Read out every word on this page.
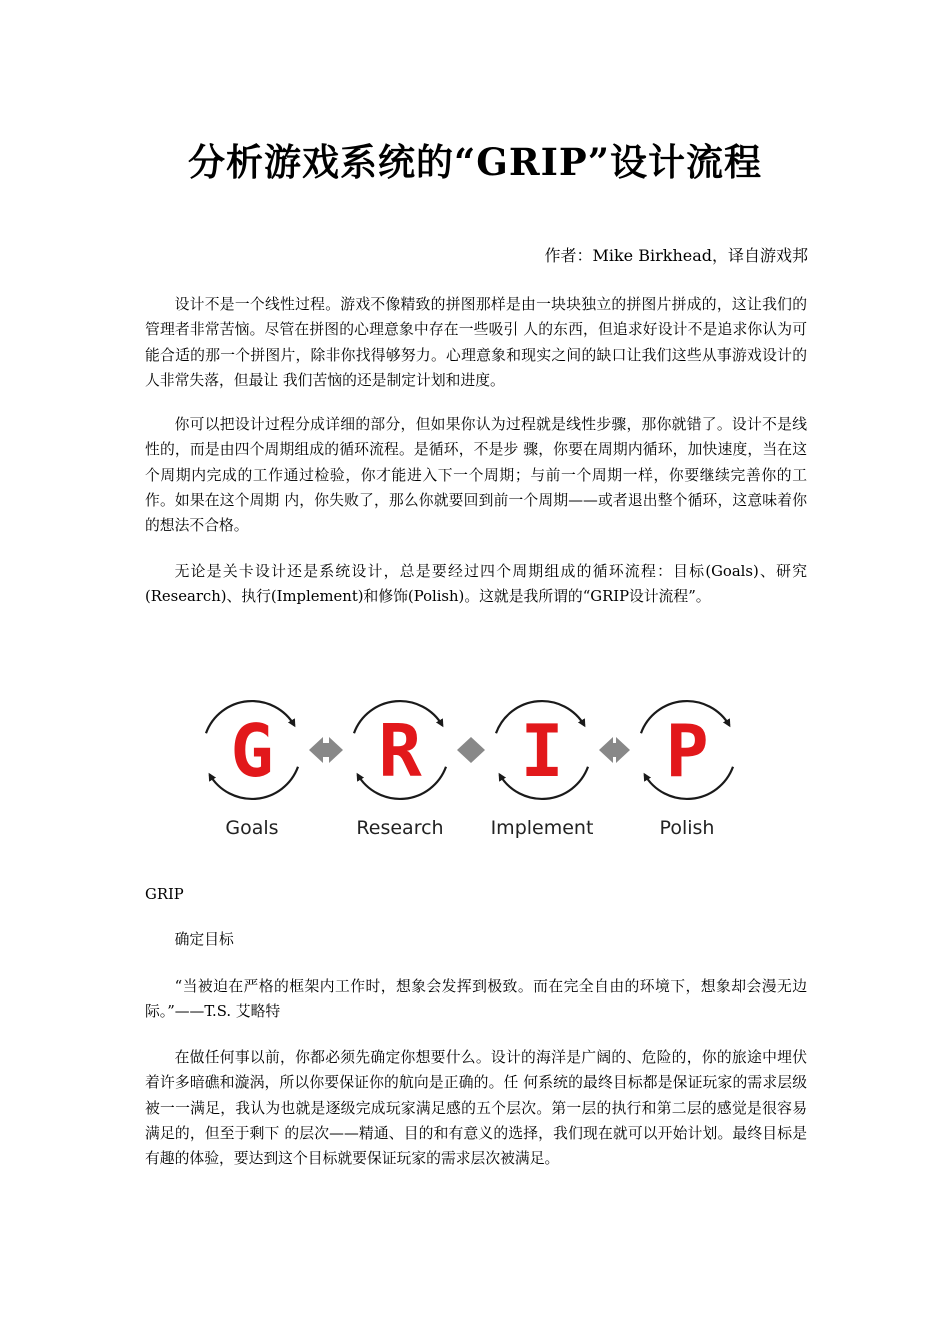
分析游戏系统的“GRIP”设计流程
作者：Mike Birkhead，译自游戏邦

设计不是一个线性过程。游戏不像精致的拼图那样是由一块块独立的拼图片拼成的，这让我们的管理者非常苦恼。尽管在拼图的心理意象中存在一些吸引 人的东西，但追求好设计不是追求你认为可能合适的那一个拼图片，除非你找得够努力。心理意象和现实之间的缺口让我们这些从事游戏设计的人非常失落，但最让 我们苦恼的还是制定计划和进度。

你可以把设计过程分成详细的部分，但如果你认为过程就是线性步骤，那你就错了。设计不是线性的，而是由四个周期组成的循环流程。是循环，不是步 骤，你要在周期内循环，加快速度，当在这个周期内完成的工作通过检验，你才能进入下一个周期；与前一个周期一样，你要继续完善你的工作。如果在这个周期 内，你失败了，那么你就要回到前一个周期——或者退出整个循环，这意味着你的想法不合格。

无论是关卡设计还是系统设计，总是要经过四个周期组成的循环流程：目标(Goals)、研究(Research)、执行(Implement)和修饰(Polish)。这就是我所谓的“GRIP设计流程”。

G
Goals
R
Research
I
Implement
P
Polish
GRIP

确定目标

“当被迫在严格的框架内工作时，想象会发挥到极致。而在完全自由的环境下，想象却会漫无边际。”——T.S. 艾略特

在做任何事以前，你都必须先确定你想要什么。设计的海洋是广阔的、危险的，你的旅途中埋伏着许多暗礁和漩涡，所以你要保证你的航向是正确的。任 何系统的最终目标都是保证玩家的需求层级被一一满足，我认为也就是逐级完成玩家满足感的五个层次。第一层的执行和第二层的感觉是很容易满足的，但至于剩下 的层次——精通、目的和有意义的选择，我们现在就可以开始计划。最终目标是有趣的体验，要达到这个目标就要保证玩家的需求层次被满足。
